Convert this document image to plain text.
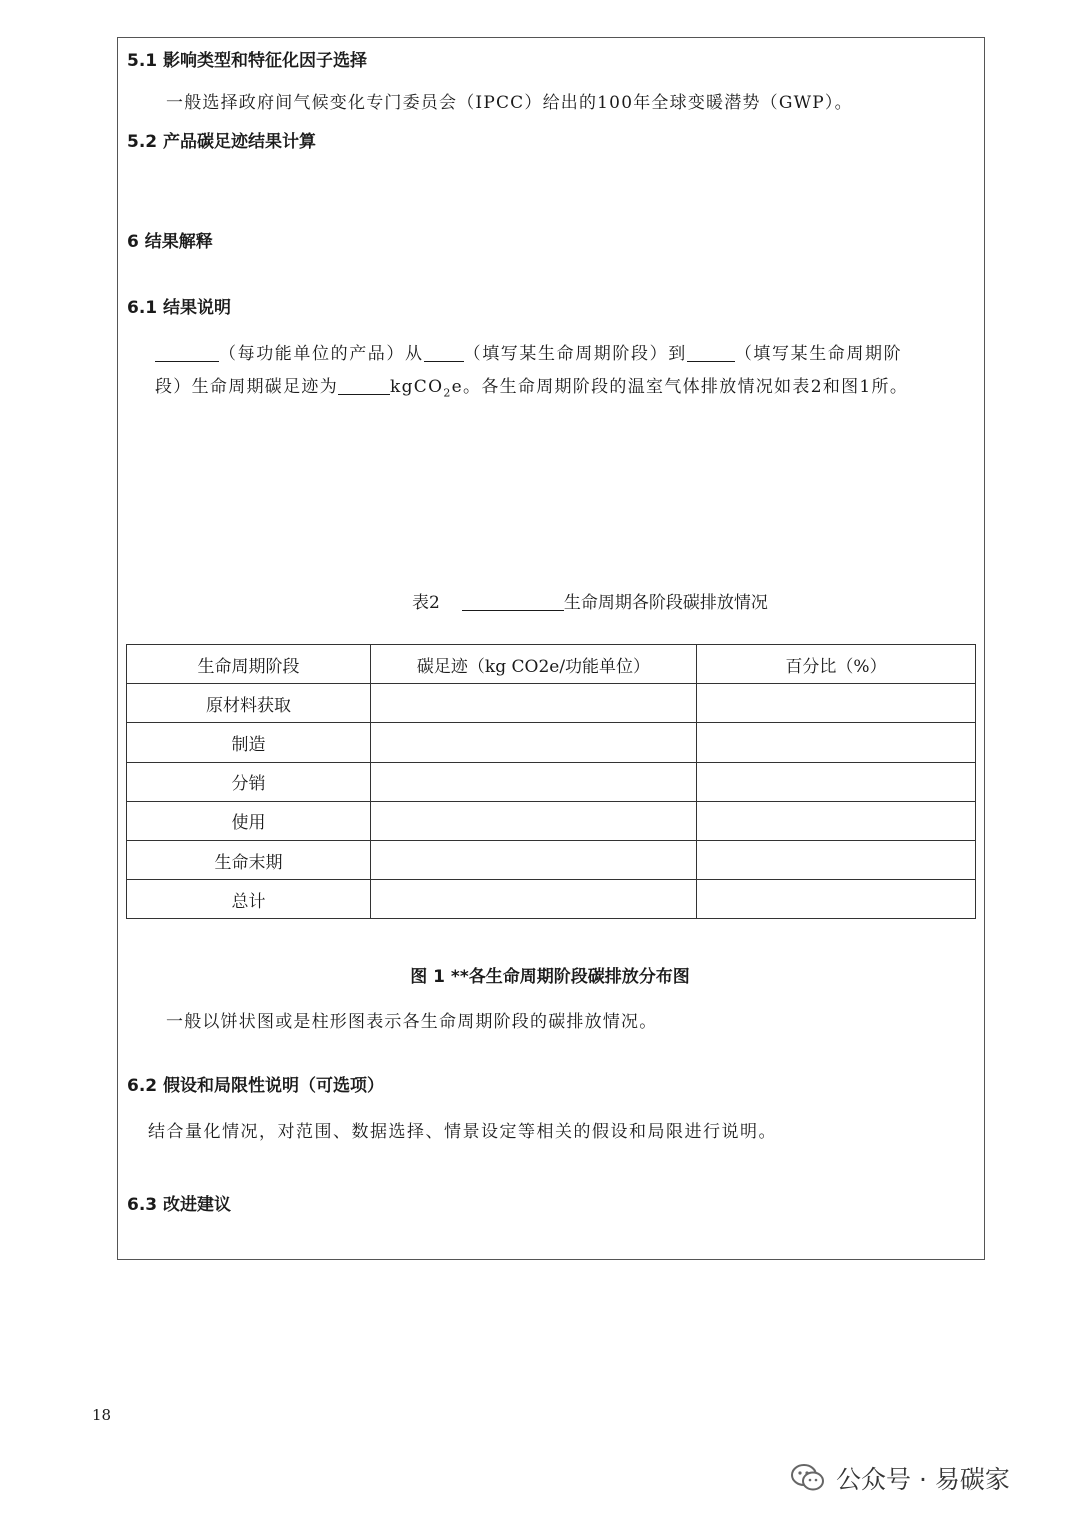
5.1 影响类型和特征化因子选择
一般选择政府间气候变化专门委员会（IPCC）给出的100年全球变暖潜势（GWP）。
5.2 产品碳足迹结果计算
6 结果解释
6.1 结果说明
（每功能单位的产品）从 （填写某生命周期阶段）到	（填写某生命周期阶
段）生命周期碳足迹为	kgCO$_2$e。各生命周期阶段的温室气体排放情况如表2和图1所。
表2	生命周期各阶段碳排放情况
生命周期阶段	碳足迹（kg CO2e/功能单位）	百分比（%）
原材料获取		
制造		
分销		
使用		
生命末期		
总计		
图 1 **各生命周期阶段碳排放分布图
一般以饼状图或是柱形图表示各生命周期阶段的碳排放情况。
6.2 假设和局限性说明（可选项）
结合量化情况，对范围、数据选择、情景设定等相关的假设和局限进行说明。
6.3 改进建议
18
公众号 · 易碳家
